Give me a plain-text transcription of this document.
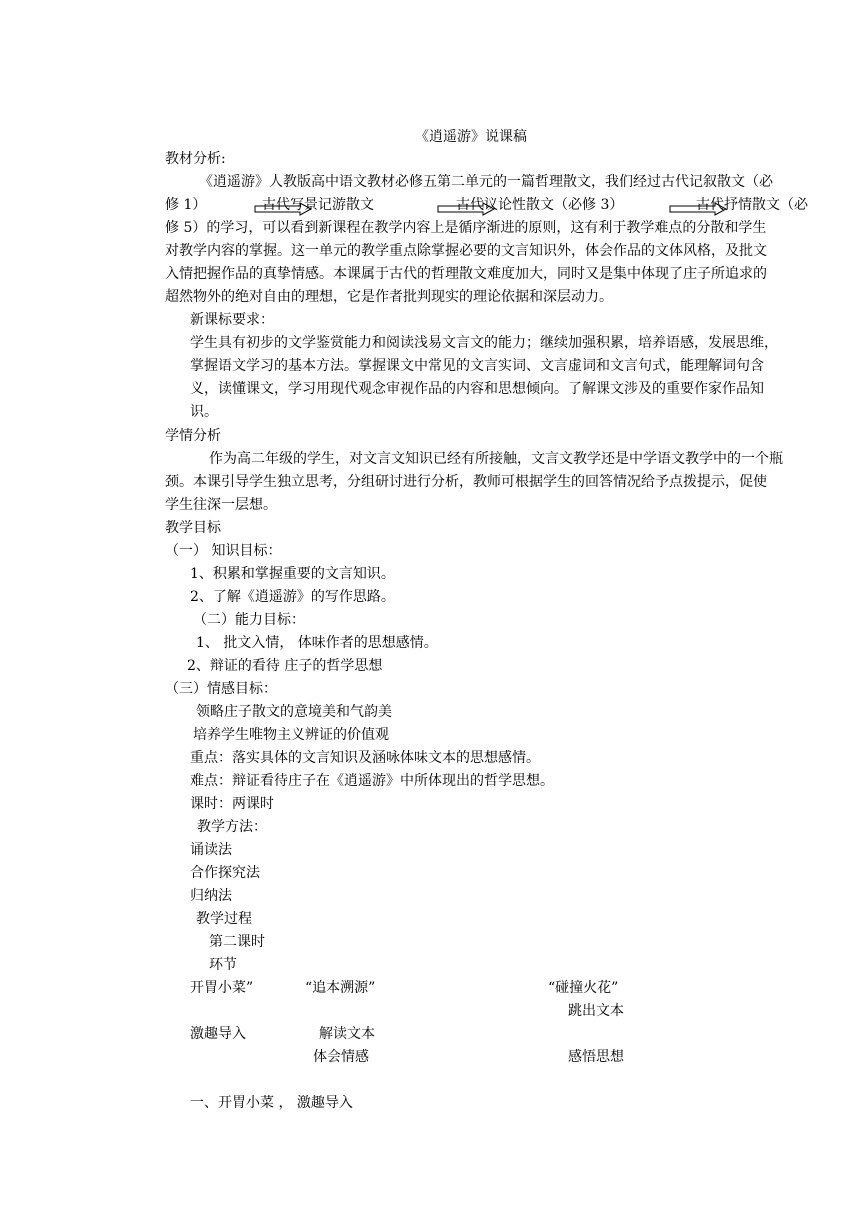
《逍遥游》说课稿
教材分析:
《逍遥游》人教版高中语文教材必修五第二单元的一篇哲理散文，我们经过古代记叙散文（必
修 1）	古代写景记游散文	古代议论性散文（必修 3）	古代抒情散文（必
修 5）的学习，可以看到新课程在教学内容上是循序渐进的原则，这有利于教学难点的分散和学生
对教学内容的掌握。这一单元的教学重点除掌握必要的文言知识外，体会作品的文体风格，及批文
入情把握作品的真挚情感。本课属于古代的哲理散文难度加大，同时又是集中体现了庄子所追求的
超然物外的绝对自由的理想，它是作者批判现实的理论依据和深层动力。
新课标要求：
学生具有初步的文学鉴赏能力和阅读浅易文言文的能力；继续加强积累，培养语感，发展思维，
掌握语文学习的基本方法。掌握课文中常见的文言实词、文言虚词和文言句式，能理解词句含
义，读懂课文，学习用现代观念审视作品的内容和思想倾向。了解课文涉及的重要作家作品知
识。
学情分析
作为高二年级的学生，对文言文知识已经有所接触，文言文教学还是中学语文教学中的一个瓶
颈。本课引导学生独立思考，分组研讨进行分析，教师可根据学生的回答情况给予点拨提示，促使
学生往深一层想。
教学目标
（一） 知识目标：
1、积累和掌握重要的文言知识。
2、了解《逍遥游》的写作思路。
（二）能力目标：
1、 批文入情， 体味作者的思想感情。
2、辩证的看待 庄子的哲学思想
（三）情感目标：
领略庄子散文的意境美和气韵美
培养学生唯物主义辨证的价值观
重点：落实具体的文言知识及涵咏体味文本的思想感情。
难点：辩证看待庄子在《逍遥游》中所体现出的哲学思想。
课时：两课时
教学方法：
诵读法
合作探究法
归纳法
教学过程
第二课时
环节
开胃小菜”	“追本溯源”	“碰撞火花”
跳出文本
激趣导入	解读文本
体会情感	感悟思想
一、开胃小菜 ， 激趣导入
